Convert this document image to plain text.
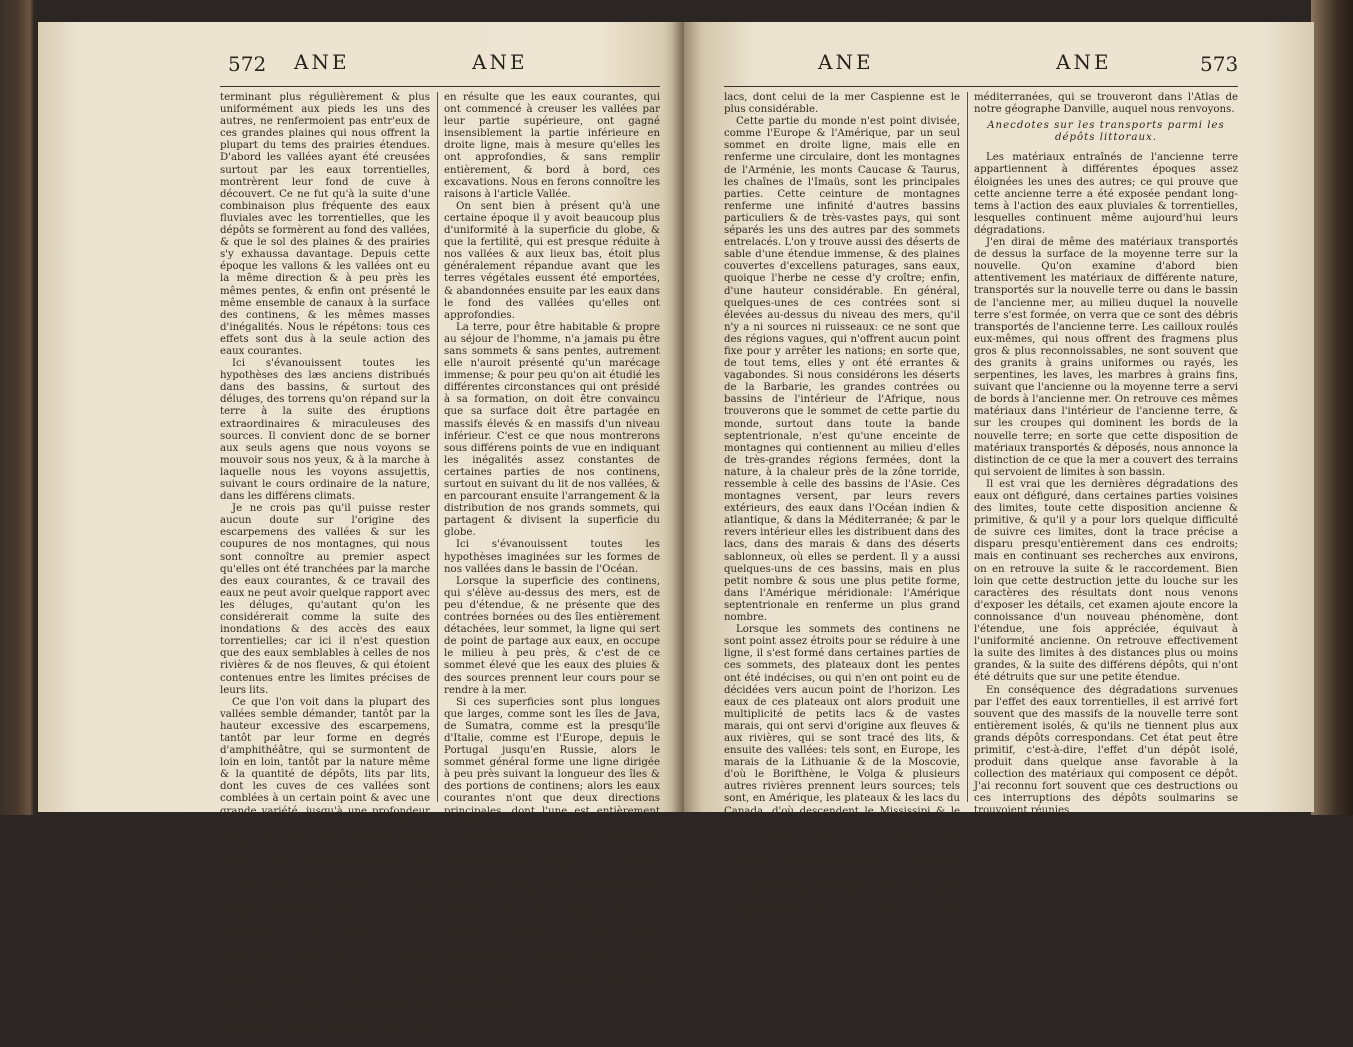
572 ANE	ANE

terminant plus régulièrement & plus uniformément aux pieds les uns des autres, ne renfermoient pas entr'eux de ces grandes plaines qui nous offrent la plupart du tems des prairies étendues. D'abord les vallées ayant été creusées surtout par les eaux torrentielles, montrèrent leur fond de cuve à découvert. Ce ne fut qu'à la suite d'une combinaison plus fréquente des eaux fluviales avec les torrentielles, que les dépôts se formèrent au fond des vallées, & que le sol des plaines & des prairies s'y exhaussa davantage. Depuis cette époque les vallons & les vallées ont eu la même direction & à peu près les mêmes pentes, & enfin ont présenté le même ensemble de canaux à la surface des continens, & les mêmes masses d'inégalités. Nous le répétons: tous ces effets sont dus à la seule action des eaux courantes.

Ici s'évanouissent toutes les hypothèses des læs anciens distribués dans des bassins, & surtout des déluges, des torrens qu'on répand sur la terre à la suite des éruptions extraordinaires & miraculeuses des sources. Il convient donc de se borner aux seuls agens que nous voyons se mouvoir sous nos yeux, & à la marche à laquelle nous les voyons assujettis, suivant le cours ordinaire de la nature, dans les différens climats.

Je ne crois pas qu'il puisse rester aucun doute sur l'origine des escarpemens des vallées & sur les coupures de nos montagnes, qui nous sont connoître au premier aspect qu'elles ont été tranchées par la marche des eaux courantes, & ce travail des eaux ne peut avoir quelque rapport avec les déluges, qu'autant qu'on les considérerait comme la suite des inondations & des accès des eaux torrentielles; car ici il n'est question que des eaux semblables à celles de nos rivières & de nos fleuves, & qui étoient contenues entre les limites précises de leurs lits.

Ce que l'on voit dans la plupart des vallées semble démander, tantôt par la hauteur excessive des escarpemens, tantôt par leur forme en degrés d'amphithéâtre, qui se surmontent de loin en loin, tantôt par la nature même & la quantité de dépôts, lits par lits, dont les cuves de ces vallées sont comblées à un certain point & avec une grande variété, jusqu'à une profondeur étonnante, tout cela semble demander, dis-je, que les eaux courantes aient travaillé pendant long-tems, à diverses reprises, soit comme torrentielles, soit comme fluviales.

Dans toutes les contrées on ne voit pas que les eaux aient couvert les terrains supérieurs aux bords des vallées, surtout depuis qu'elles ont commencé à les creuser. L'on y reconnoît à la vérité que ces eaux ont monté bien au-delà des plus grandes crûes actuelles, comme à trente ou quarante toises. Il y a des cas où les escarpemens ne régnent pas plus haut, parce que le terrain s'élève ensuite en pente douce. Ainsi, les bords n'ont été frappés & détruits, dans ces lieux, qu'à leur pied. Il

en résulte que les eaux courantes, qui ont commencé à creuser les vallées par leur partie supérieure, ont gagné insensiblement la partie inférieure en droite ligne, mais à mesure qu'elles les ont approfondies, & sans remplir entièrement, & bord à bord, ces excavations. Nous en ferons connoître les raisons à l'article Vallée.

On sent bien à présent qu'à une certaine époque il y avoit beaucoup plus d'uniformité à la superficie du globe, & que la fertilité, qui est presque réduite à nos vallées & aux lieux bas, étoit plus généralement répandue avant que les terres végétales eussent été emportées, & abandonnées ensuite par les eaux dans le fond des vallées qu'elles ont approfondies.

La terre, pour être habitable & propre au séjour de l'homme, n'a jamais pu être sans sommets & sans pentes, autrement elle n'auroit présenté qu'un marécage immense; & pour peu qu'on ait étudié les différentes circonstances qui ont présidé à sa formation, on doit être convaincu que sa surface doit être partagée en massifs élevés & en massifs d'un niveau inférieur. C'est ce que nous montrerons sous différens points de vue en indiquant les inégalités assez constantes de certaines parties de nos continens, surtout en suivant du lit de nos vallées, & en parcourant ensuite l'arrangement & la distribution de nos grands sommets, qui partagent & divisent la superficie du globe.

Ici s'évanouissent toutes les hypothèses imaginées sur les formes de nos vallées dans le bassin de l'Océan.

Lorsque la superficie des continens, qui s'élève au-dessus des mers, est de peu d'étendue, & ne présente que des contrées bornées ou des îles entièrement détachées, leur sommet, la ligne qui sert de point de partage aux eaux, en occupe le milieu à peu près, & c'est de ce sommet élevé que les eaux des pluies & des sources prennent leur cours pour se rendre à la mer.

Si ces superficies sont plus longues que larges, comme sont les îles de Java, de Sumatra, comme est la presqu'île d'Italie, comme est l'Europe, depuis le Portugal jusqu'en Russie, alors le sommet général forme une ligne dirigée à peu près suivant la longueur des îles & des portions de continens; alors les eaux courantes n'ont que deux directions principales, dont l'une est entièrement opposée à l'autre.

Lorsque les parties élevées au-dessus des eaux sont d'une étendue très-considérable en longueur & en largeur, ce qui forme le sommet n'est plus une seule ligne; c'est une grande superficie qui, à proportion de son étendue, présente des revers opposés aux mers principales, suivant lesquels les eaux se trouvent amenées vers des pentes locales, où elles forment des lacs & des méditerranées: c'est le cas où se trouve l'Asie, qui n'envoie que les eaux de son contour dans les mers, mais qui rassemble toutes ses eaux intérieures dans différens

ANE	ANE	573

lacs, dont celui de la mer Caspienne est le plus considérable.

Cette partie du monde n'est point divisée, comme l'Europe & l'Amérique, par un seul sommet en droite ligne, mais elle en renferme une circulaire, dont les montagnes de l'Arménie, les monts Caucase & Taurus, les chaînes de l'Imaüs, sont les principales parties. Cette ceinture de montagnes renferme une infinité d'autres bassins particuliers & de très-vastes pays, qui sont séparés les uns des autres par des sommets entrelacés. L'on y trouve aussi des déserts de sable d'une étendue immense, & des plaines couvertes d'excellens paturages, sans eaux, quoique l'herbe ne cesse d'y croître; enfin, d'une hauteur considérable. En général, quelques-unes de ces contrées sont si élevées au-dessus du niveau des mers, qu'il n'y a ni sources ni ruisseaux: ce ne sont que des régions vagues, qui n'offrent aucun point fixe pour y arrêter les nations; en sorte que, de tout tems, elles y ont été errantes & vagabondes. Si nous considérons les déserts de la Barbarie, les grandes contrées ou bassins de l'intérieur de l'Afrique, nous trouverons que le sommet de cette partie du monde, surtout dans toute la bande septentrionale, n'est qu'une enceinte de montagnes qui contiennent au milieu d'elles de très-grandes régions fermées, dont la nature, à la chaleur près de la zône torride, ressemble à celle des bassins de l'Asie. Ces montagnes versent, par leurs revers extérieurs, des eaux dans l'Océan indien & atlantique, & dans la Méditerranée; & par le revers intérieur elles les distribuent dans des lacs, dans des marais & dans des déserts sablonneux, où elles se perdent. Il y a aussi quelques-uns de ces bassins, mais en plus petit nombre & sous une plus petite forme, dans l'Amérique méridionale: l'Amérique septentrionale en renferme un plus grand nombre.

Lorsque les sommets des continens ne sont point assez étroits pour se réduire à une ligne, il s'est formé dans certaines parties de ces sommets, des plateaux dont les pentes ont été indécises, ou qui n'en ont point eu de décidées vers aucun point de l'horizon. Les eaux de ces plateaux ont alors produit une multiplicité de petits lacs & de vastes marais, qui ont servi d'origine aux fleuves & aux rivières, qui se sont tracé des lits, & ensuite des vallées: tels sont, en Europe, les marais de la Lithuanie & de la Moscovie, d'où le Borifthène, le Volga & plusieurs autres rivières prennent leurs sources; tels sont, en Amérique, les plateaux & les lacs du Canada, d'où descendent le Mississipi & le fleuve Saint-Laurent, & ceux du Paraguay, d'où le grand fleuve de la Plata tire son origine.

Voilà le véritable ensemble sous lequel on doit considérer les inégalités de la surface de nos continens, inégalités que les eaux courantes rendent sensibles par le tableau hydrographique de nos fleuves, de nos rivières, de nos lacs & de nos

méditerranées, qui se trouveront dans l'Atlas de notre géographe Danville, auquel nous renvoyons.

Anecdotes sur les transports parmi les dépôts littoraux.

Les matériaux entraînés de l'ancienne terre appartiennent à différentes époques assez éloignées les unes des autres; ce qui prouve que cette ancienne terre a été exposée pendant long-tems à l'action des eaux pluviales & torrentielles, lesquelles continuent même aujourd'hui leurs dégradations.

J'en dirai de même des matériaux transportés de dessus la surface de la moyenne terre sur la nouvelle. Qu'on examine d'abord bien attentivement les matériaux de différente nature, transportés sur la nouvelle terre ou dans le bassin de l'ancienne mer, au milieu duquel la nouvelle terre s'est formée, on verra que ce sont des débris transportés de l'ancienne terre. Les cailloux roulés eux-mêmes, qui nous offrent des fragmens plus gros & plus reconnoissables, ne sont souvent que des granits à grains uniformes ou rayés, les serpentines, les laves, les marbres à grains fins, suivant que l'ancienne ou la moyenne terre a servi de bords à l'ancienne mer. On retrouve ces mêmes matériaux dans l'intérieur de l'ancienne terre, & sur les croupes qui dominent les bords de la nouvelle terre; en sorte que cette disposition de matériaux transportés & déposés, nous annonce la distinction de ce que la mer a couvert des terrains qui servoient de limites à son bassin.

Il est vrai que les dernières dégradations des eaux ont défiguré, dans certaines parties voisines des limites, toute cette disposition ancienne & primitive, & qu'il y a pour lors quelque difficulté de suivre ces limites, dont la trace précise a disparu presqu'entièrement dans ces endroits; mais en continuant ses recherches aux environs, on en retrouve la suite & le raccordement. Bien loin que cette destruction jette du louche sur les caractères des résultats dont nous venons d'exposer les détails, cet examen ajoute encore la connoissance d'un nouveau phénomène, dont l'étendue, une fois appréciée, équivaut à l'uniformité ancienne. On retrouve effectivement la suite des limites à des distances plus ou moins grandes, & la suite des différens dépôts, qui n'ont été détruits que sur une petite étendue.

En conséquence des dégradations survenues par l'effet des eaux torrentielles, il est arrivé fort souvent que des massifs de la nouvelle terre sont entièrement isolés, & qu'ils ne tiennent plus aux grands dépôts correspondans. Cet état peut être primitif, c'est-à-dire, l'effet d'un dépôt isolé, produit dans quelque anse favorable à la collection des matériaux qui composent ce dépôt. J'ai reconnu fort souvent que ces destructions ou ces interruptions des dépôts soulmarins se trouvoient réunies
